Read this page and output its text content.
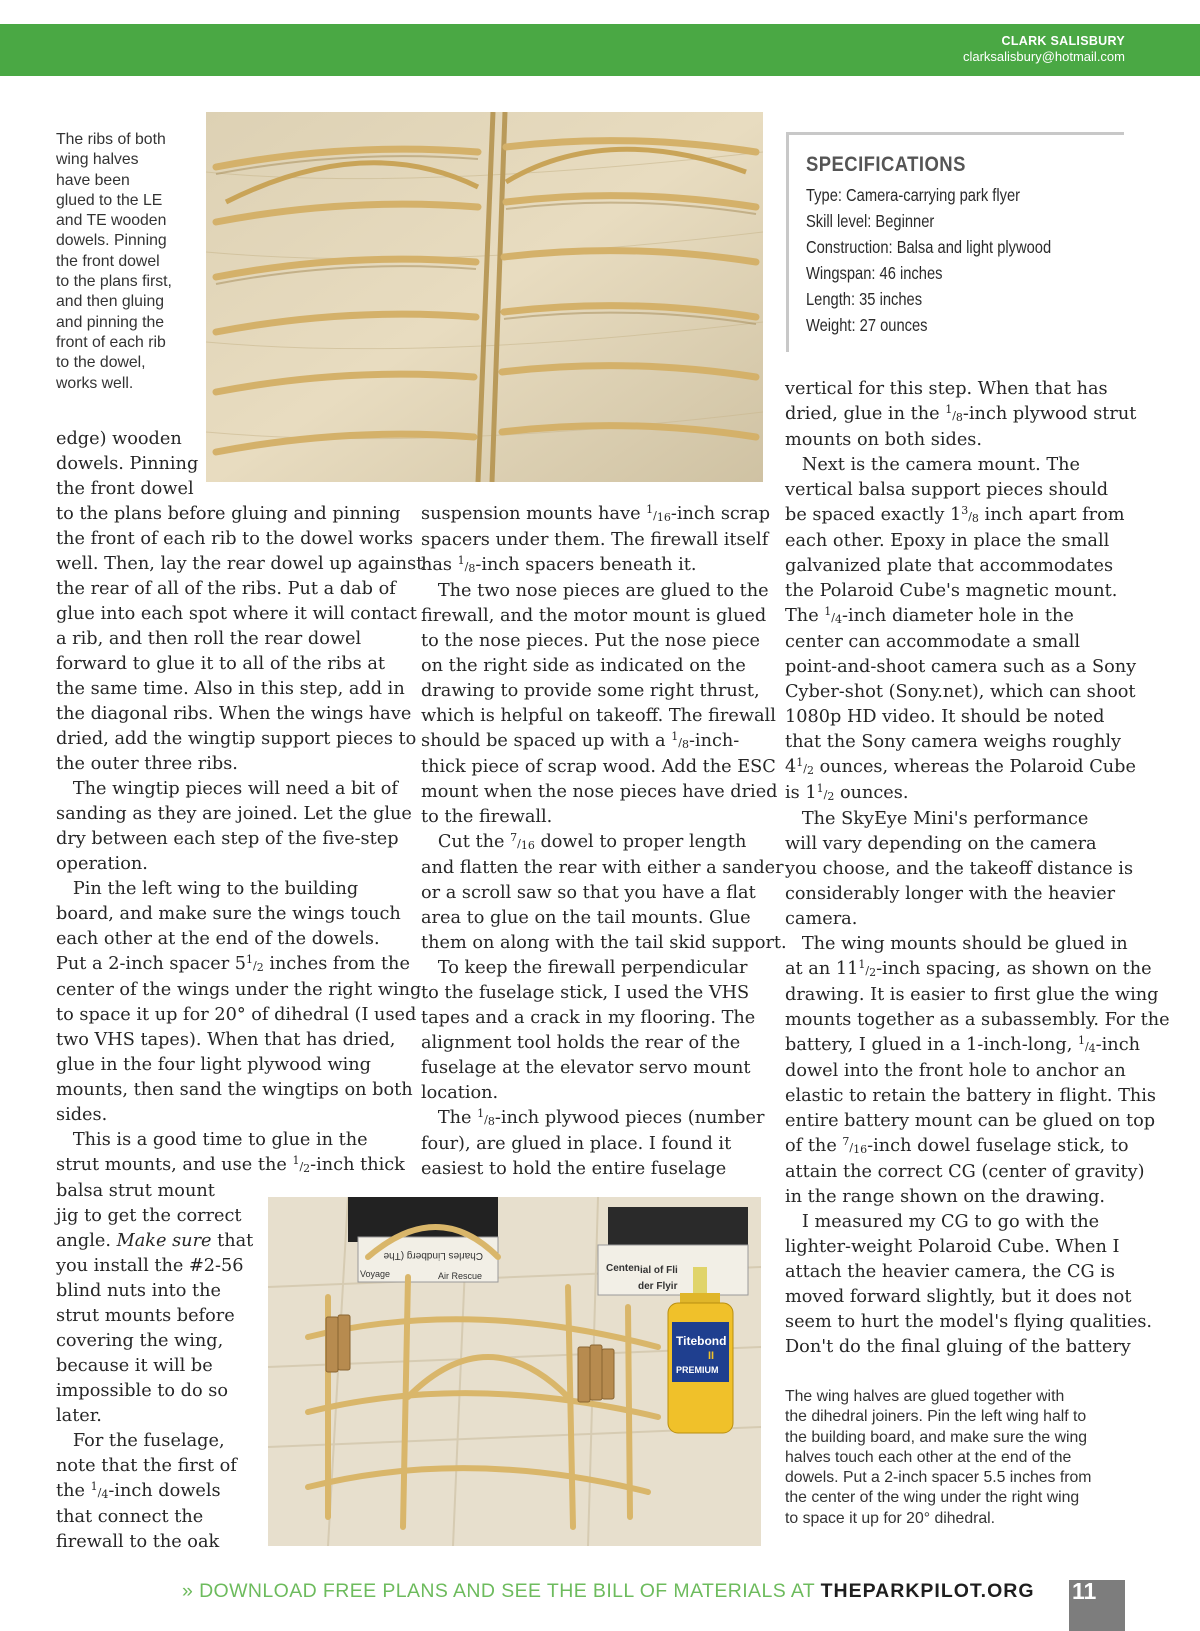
CLARK SALISBURY
clarksalisbury@hotmail.com
The ribs of both
wing halves
have been
glued to the LE
and TE wooden
dowels. Pinning
the front dowel
to the plans first,
and then gluing
and pinning the
front of each rib
to the dowel,
works well.
SPECIFICATIONS
Type: Camera-carrying park flyer
Skill level: Beginner
Construction: Balsa and light plywood
Wingspan: 46 inches
Length: 35 inches
Weight: 27 ounces

edge) wooden

dowels. Pinning

the front dowel

to the plans before gluing and pinning

the front of each rib to the dowel works

well. Then, lay the rear dowel up against

the rear of all of the ribs. Put a dab of

glue into each spot where it will contact

a rib, and then roll the rear dowel

forward to glue it to all of the ribs at

the same time. Also in this step, add in

the diagonal ribs. When the wings have

dried, add the wingtip support pieces to

the outer three ribs.

The wingtip pieces will need a bit of

sanding as they are joined. Let the glue

dry between each step of the five-step

operation.

Pin the left wing to the building

board, and make sure the wings touch

each other at the end of the dowels.

Put a 2-inch spacer 51/2 inches from the

center of the wings under the right wing

to space it up for 20° of dihedral (I used

two VHS tapes). When that has dried,

glue in the four light plywood wing

mounts, then sand the wingtips on both

sides.

This is a good time to glue in the

strut mounts, and use the 1/2-inch thick

balsa strut mount

jig to get the correct

angle. Make sure that

you install the #2-56

blind nuts into the

strut mounts before

covering the wing,

because it will be

impossible to do so

later.

For the fuselage,

note that the first of

the 1/4-inch dowels

that connect the

firewall to the oak

suspension mounts have 1/16-inch scrap

spacers under them. The firewall itself

has 1/8-inch spacers beneath it.

The two nose pieces are glued to the

firewall, and the motor mount is glued

to the nose pieces. Put the nose piece

on the right side as indicated on the

drawing to provide some right thrust,

which is helpful on takeoff. The firewall

should be spaced up with a 1/8-inch-

thick piece of scrap wood. Add the ESC

mount when the nose pieces have dried

to the firewall.

Cut the 7/16 dowel to proper length

and flatten the rear with either a sander

or a scroll saw so that you have a flat

area to glue on the tail mounts. Glue

them on along with the tail skid support.

To keep the firewall perpendicular

to the fuselage stick, I used the VHS

tapes and a crack in my flooring. The

alignment tool holds the rear of the

fuselage at the elevator servo mount

location.

The 1/8-inch plywood pieces (number

four), are glued in place. I found it

easiest to hold the entire fuselage

vertical for this step. When that has

dried, glue in the 1/8-inch plywood strut

mounts on both sides.

Next is the camera mount. The

vertical balsa support pieces should

be spaced exactly 13/8 inch apart from

each other. Epoxy in place the small

galvanized plate that accommodates

the Polaroid Cube's magnetic mount.

The 1/4-inch diameter hole in the

center can accommodate a small

point-and-shoot camera such as a Sony

Cyber-shot (Sony.net), which can shoot

1080p HD video. It should be noted

that the Sony camera weighs roughly

41/2 ounces, whereas the Polaroid Cube

is 11/2 ounces.

The SkyEye Mini's performance

will vary depending on the camera

you choose, and the takeoff distance is

considerably longer with the heavier

camera.

The wing mounts should be glued in

at an 111/2-inch spacing, as shown on the

drawing. It is easier to first glue the wing

mounts together as a subassembly. For the

battery, I glued in a 1-inch-long, 1/4-inch

dowel into the front hole to anchor an

elastic to retain the battery in flight. This

entire battery mount can be glued on top

of the 7/16-inch dowel fuselage stick, to

attain the correct CG (center of gravity)

in the range shown on the drawing.

I measured my CG to go with the

lighter-weight Polaroid Cube. When I

attach the heavier camera, the CG is

moved forward slightly, but it does not

seem to hurt the model's flying qualities.

Don't do the final gluing of the battery

Charles Lindberg (The
Voyage	Air Rescue
Centen ial of Fli
der Flyir
Titebond
II
PREMIUM
The wing halves are glued together with
the dihedral joiners. Pin the left wing half to
the building board, and make sure the wing
halves touch each other at the end of the
dowels. Put a 2-inch spacer 5.5 inches from
the center of the wing under the right wing
to space it up for 20° dihedral.
» DOWNLOAD FREE PLANS AND SEE THE BILL OF MATERIALS AT THEPARKPILOT.ORG 11
